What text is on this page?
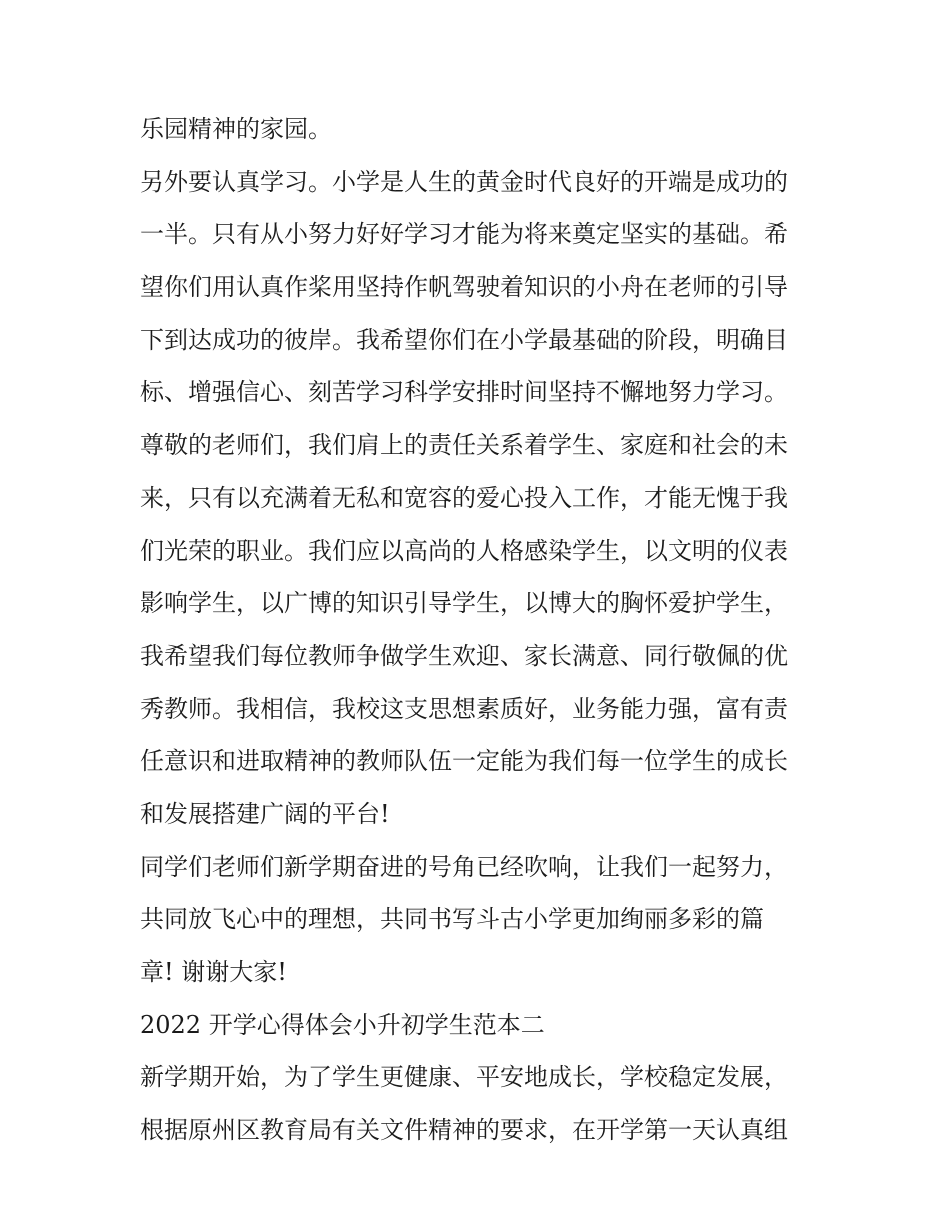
乐园精神的家园。
另外要认真学习。小学是人生的黄金时代良好的开端是成功的
一半。只有从小努力好好学习才能为将来奠定坚实的基础。希
望你们用认真作桨用坚持作帆驾驶着知识的小舟在老师的引导
下到达成功的彼岸。我希望你们在小学最基础的阶段，明确目
标、增强信心、刻苦学习科学安排时间坚持不懈地努力学习。
尊敬的老师们，我们肩上的责任关系着学生、家庭和社会的未
来，只有以充满着无私和宽容的爱心投入工作，才能无愧于我
们光荣的职业。我们应以高尚的人格感染学生，以文明的仪表
影响学生，以广博的知识引导学生，以博大的胸怀爱护学生，
我希望我们每位教师争做学生欢迎、家长满意、同行敬佩的优
秀教师。我相信，我校这支思想素质好，业务能力强，富有责
任意识和进取精神的教师队伍一定能为我们每一位学生的成长
和发展搭建广阔的平台!
同学们老师们新学期奋进的号角已经吹响，让我们一起努力，
共同放飞心中的理想，共同书写斗古小学更加绚丽多彩的篇
章! 谢谢大家!
2022 开学心得体会小升初学生范本二
新学期开始，为了学生更健康、平安地成长，学校稳定发展，
根据原州区教育局有关文件精神的要求，在开学第一天认真组
